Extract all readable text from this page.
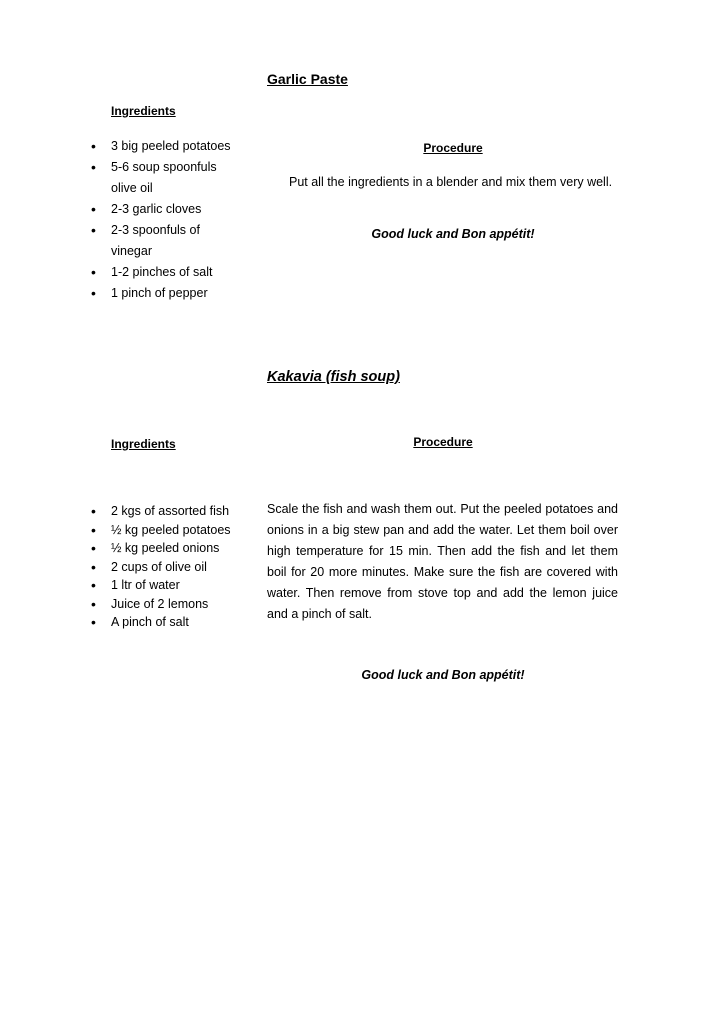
Garlic Paste
Ingredients
• 3 big peeled potatoes
• 5-6 soup spoonfuls olive oil
• 2-3 garlic cloves
• 2-3 spoonfuls of vinegar
• 1-2 pinches of salt
• 1 pinch of pepper
Procedure
Put all the ingredients in a blender and mix them very well.
Good luck and Bon appétit!
Kakavia (fish soup)
Ingredients	Procedure
• 2 kgs of assorted fish
• ½ kg peeled potatoes
• ½ kg peeled onions
• 2 cups of olive oil
• 1 ltr of water
• Juice of 2 lemons
• A pinch of salt
Scale the fish and wash them out. Put the peeled potatoes and onions in a big stew pan and add the water. Let them boil over high temperature for 15 min. Then add the fish and let them boil for 20 more minutes. Make sure the fish are covered with water. Then remove from stove top and add the lemon juice and a pinch of salt.
Good luck and Bon appétit!
